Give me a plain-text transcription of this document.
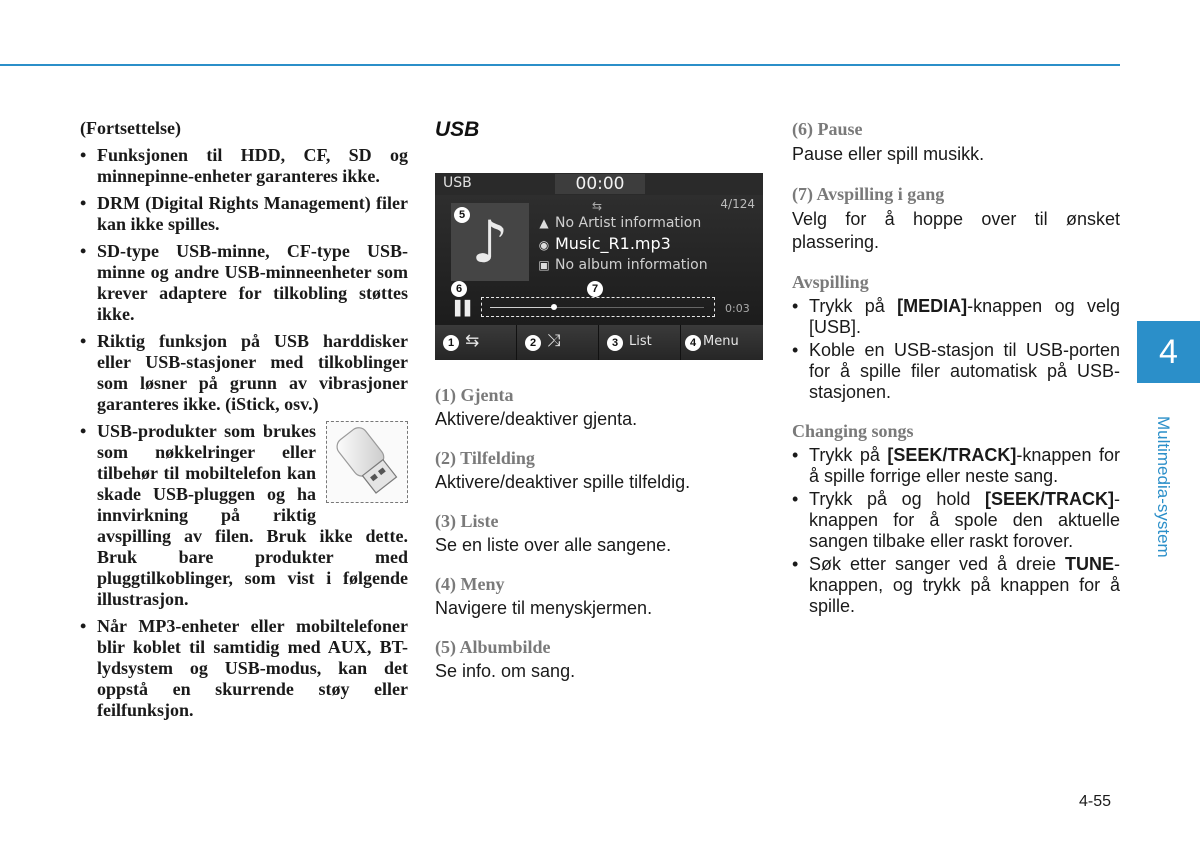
(Fortsettelse)
• Funksjonen til HDD, CF, SD og minnepinne-enheter garanteres ikke.
• DRM (Digital Rights Management) filer kan ikke spilles.
• SD-type USB-minne, CF-type USB-minne og andre USB-minneenheter som krever adaptere for tilkobling støttes ikke.
• Riktig funksjon på USB harddisker eller USB-stasjoner med tilkoblinger som løsner på grunn av vibrasjoner garanteres ikke. (iStick, osv.)
• USB-produkter som brukes som nøkkelringer eller tilbehør til mobiltelefon kan skade USB-pluggen og ha innvirkning på riktig avspilling av filen. Bruk ikke dette. Bruk bare produkter med pluggtilkoblinger, som vist i følgende illustrasjon.
• Når MP3-enheter eller mobiltelefoner blir koblet til samtidig med AUX, BT-lydsystem og USB-modus, kan det oppstå en skurrende støy eller feilfunksjon.
USB
USB	00:00
⇆	4/124
♪
5
▲ No Artist information
◉ Music_R1.mp3
▣ No album information
6	7
▌▌	0:03
1 ⇆	2 ⤨	3 List	4 Menu
(1) Gjenta
Aktivere/deaktiver gjenta.
(2) Tilfelding
Aktivere/deaktiver spille tilfeldig.
(3) Liste
Se en liste over alle sangene.
(4) Meny
Navigere til menyskjermen.
(5) Albumbilde
Se info. om sang.
(6) Pause
Pause eller spill musikk.
(7) Avspilling i gang
Velg for å hoppe over til ønsket plassering.
Avspilling
• Trykk på [MEDIA]-knappen og velg [USB].
• Koble en USB-stasjon til USB-porten for å spille filer automatisk på USB-stasjonen.
Changing songs
• Trykk på [SEEK/TRACK]-knappen for å spille forrige eller neste sang.
• Trykk på og hold [SEEK/TRACK]-knappen for å spole den aktuelle sangen tilbake eller raskt forover.
• Søk etter sanger ved å dreie TUNE-knappen, og trykk på knappen for å spille.
4
Multimedia-system
4-55
